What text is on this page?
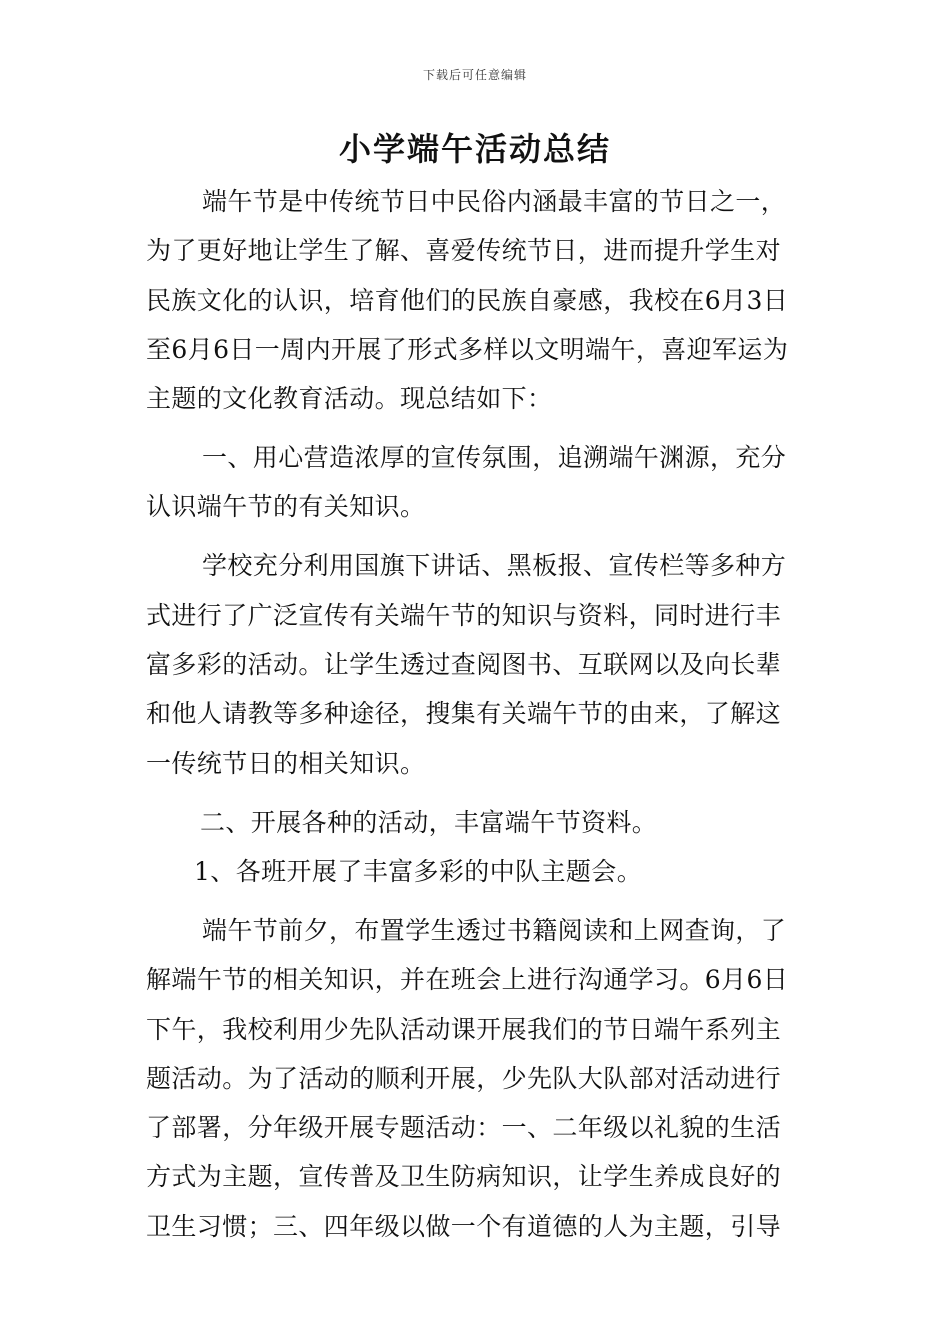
下载后可任意编辑
小学端午活动总结
端午节是中传统节日中民俗内涵最丰富的节日之一，
为了更好地让学生了解、喜爱传统节日，进而提升学生对
民族文化的认识，培育他们的民族自豪感，我校在6月3日
至6月6日一周内开展了形式多样以文明端午，喜迎军运为
主题的文化教育活动。现总结如下：
一、用心营造浓厚的宣传氛围，追溯端午渊源，充分
认识端午节的有关知识。
学校充分利用国旗下讲话、黑板报、宣传栏等多种方
式进行了广泛宣传有关端午节的知识与资料，同时进行丰
富多彩的活动。让学生透过查阅图书、互联网以及向长辈
和他人请教等多种途径，搜集有关端午节的由来，了解这
一传统节日的相关知识。
二、开展各种的活动，丰富端午节资料。
1、各班开展了丰富多彩的中队主题会。
端午节前夕，布置学生透过书籍阅读和上网查询，了
解端午节的相关知识，并在班会上进行沟通学习。6月6日
下午，我校利用少先队活动课开展我们的节日端午系列主
题活动。为了活动的顺利开展，少先队大队部对活动进行
了部署，分年级开展专题活动：一、二年级以礼貌的生活
方式为主题，宣传普及卫生防病知识，让学生养成良好的
卫生习惯；三、四年级以做一个有道德的人为主题，引导
